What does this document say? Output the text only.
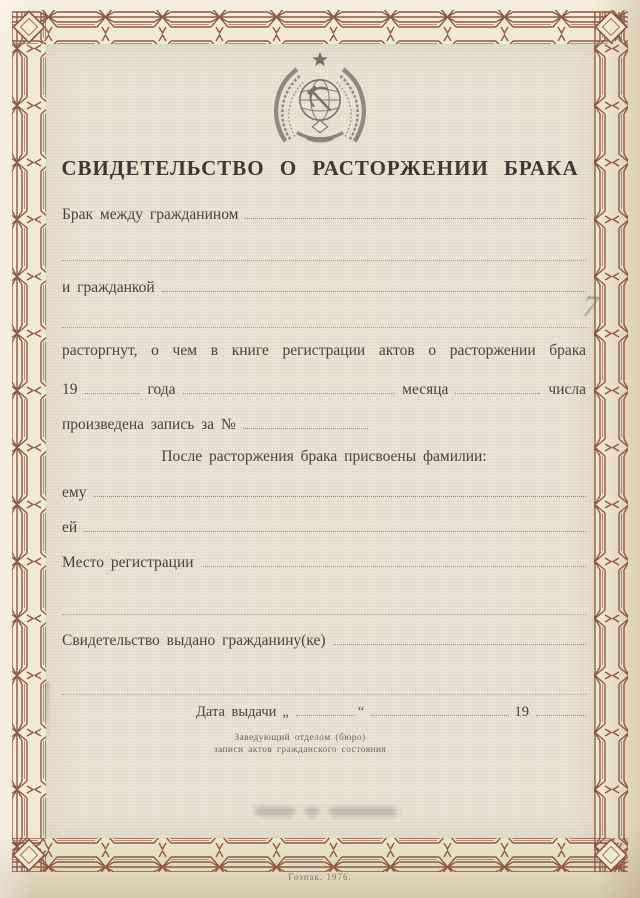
СВИДЕТЕЛЬСТВО О РАСТОРЖЕНИИ БРАКА
Брак между гражданином
и гражданкой
7
расторгнут, о чем в книге регистрации актов о расторжении брака
19	года	месяца	числа
произведена запись за №
После расторжения брака присвоены фамилии:
ему
ей
Место регистрации
Свидетельство выдано гражданину(ке)
Дата выдачи „	“	19
Заведующий отделом (бюро)
записи актов гражданского состояния
Гознак. 1976.
